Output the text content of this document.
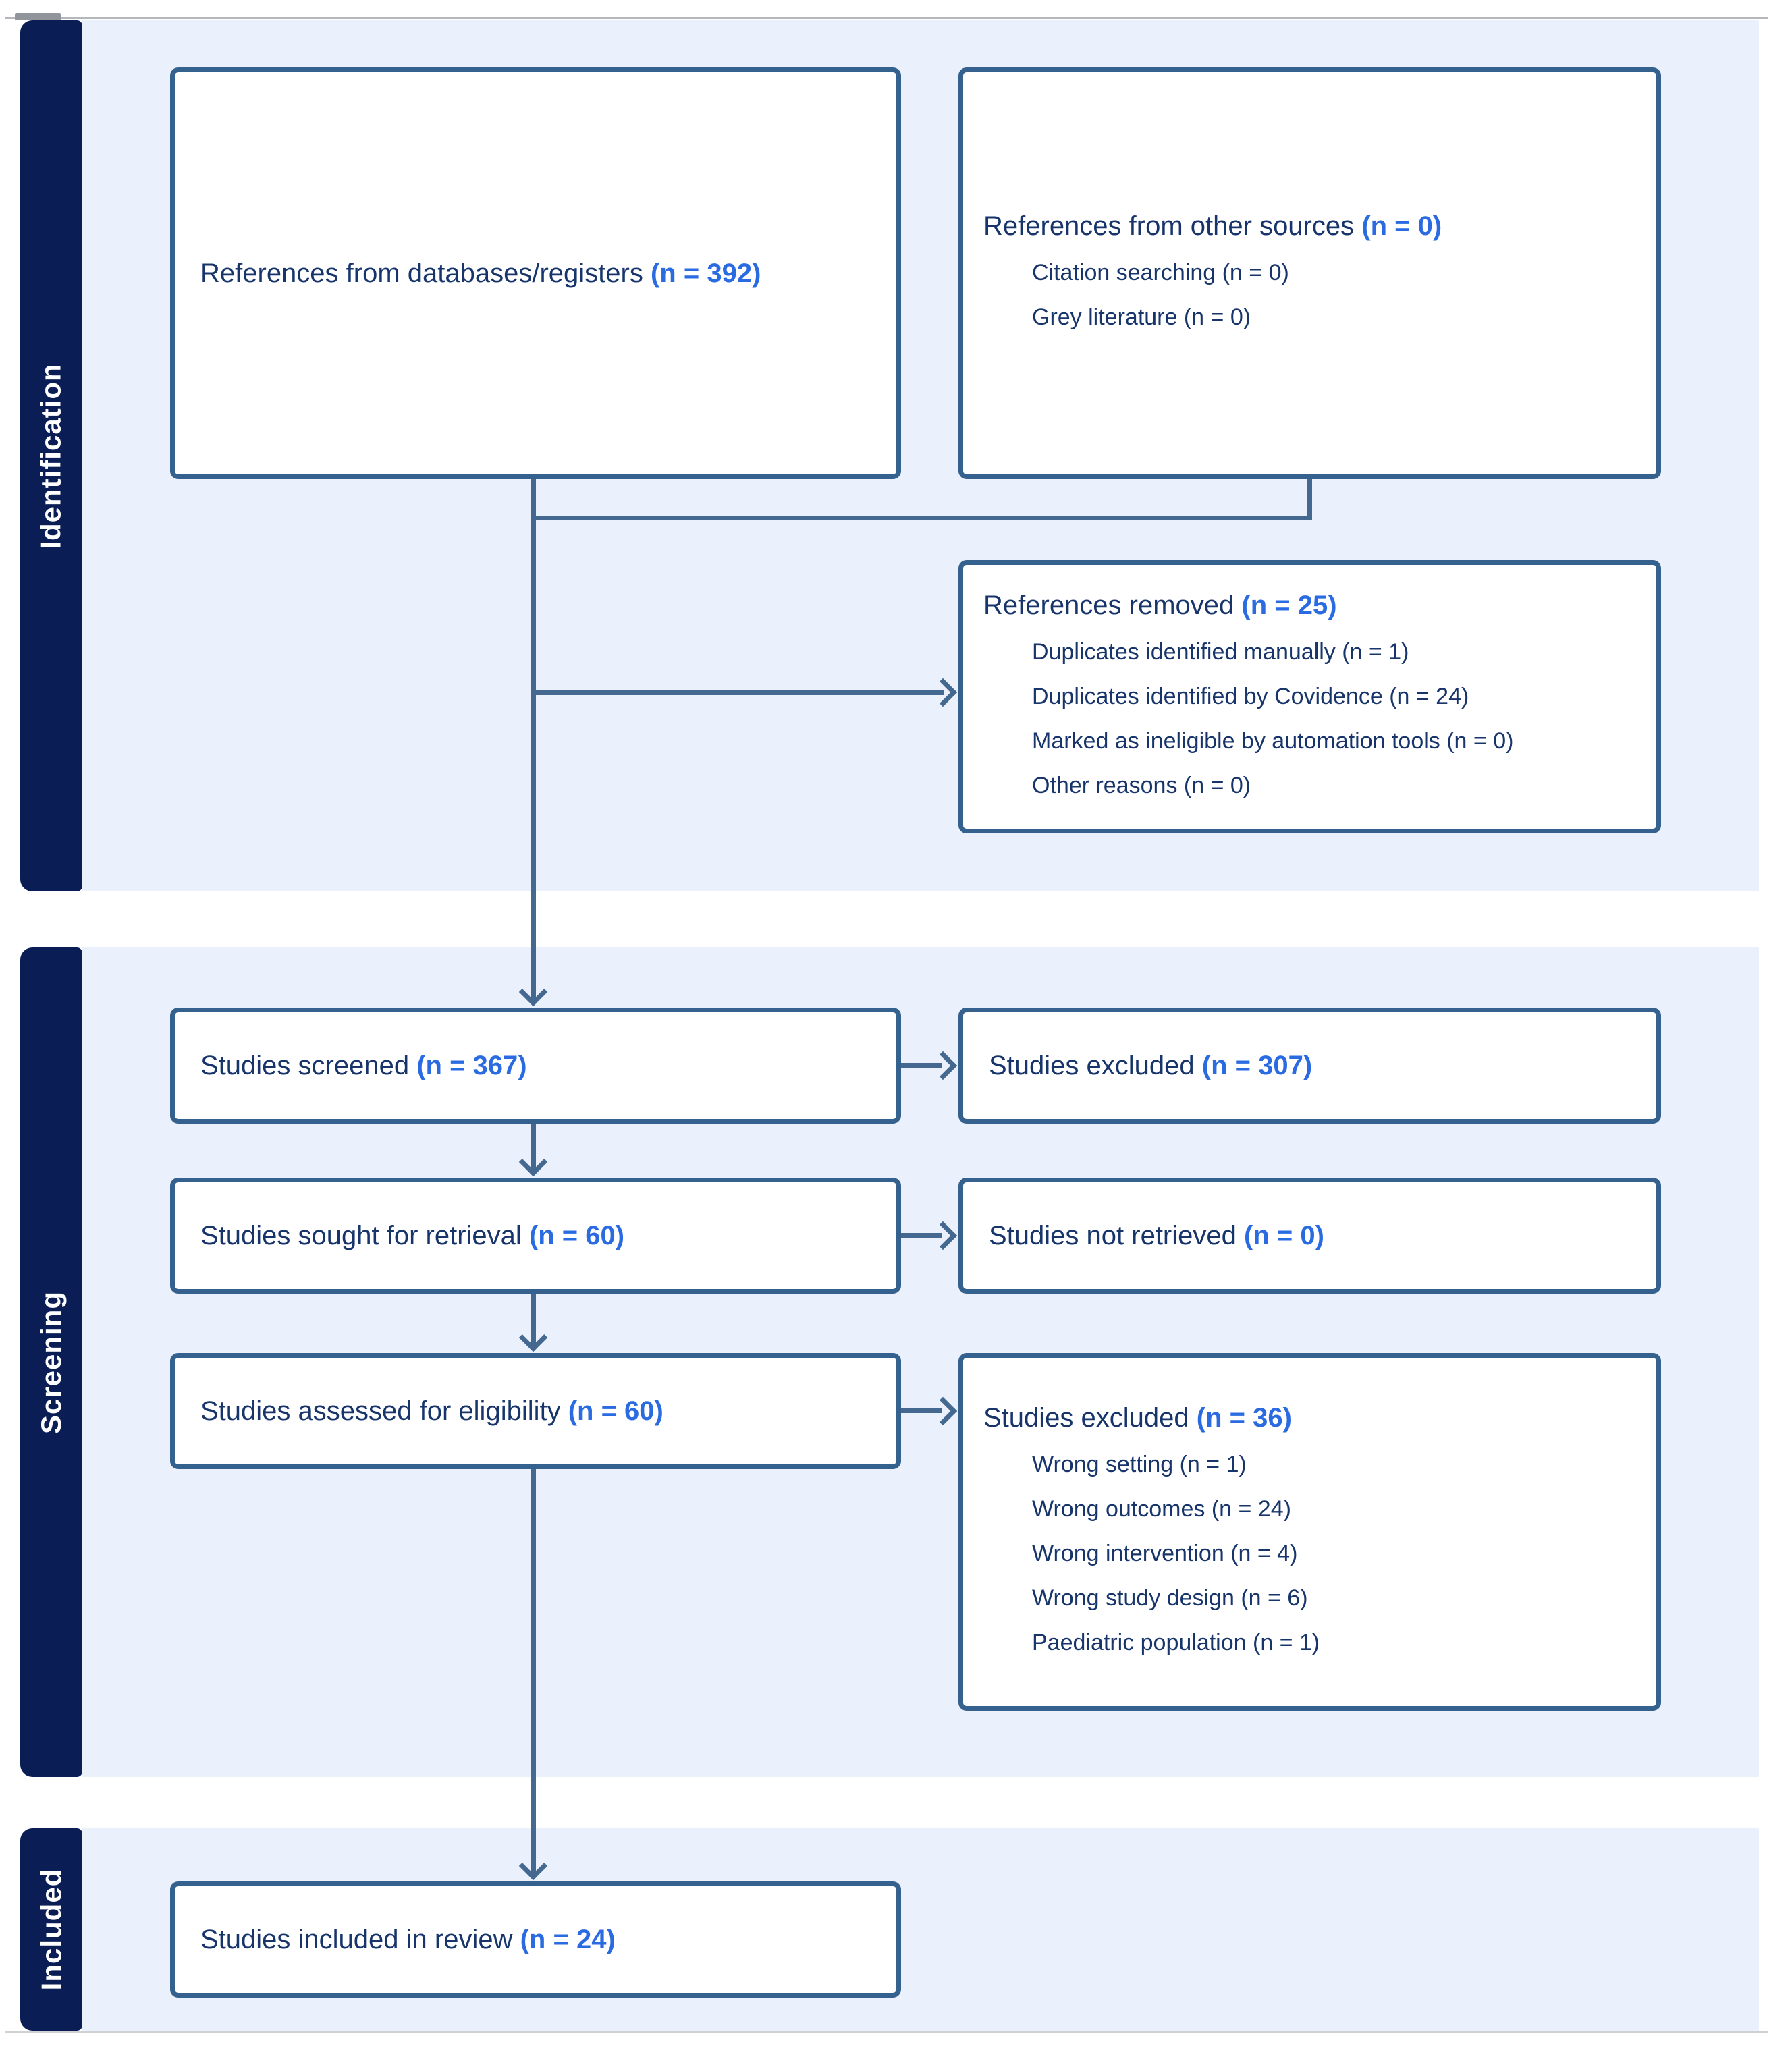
Identification
Screening
Included
References from databases/registers (n = 392)
References from other sources (n = 0)
Citation searching (n = 0)
Grey literature (n = 0)
References removed (n = 25)
Duplicates identified manually (n = 1)
Duplicates identified by Covidence (n = 24)
Marked as ineligible by automation tools (n = 0)
Other reasons (n = 0)
Studies screened (n = 367)	Studies excluded (n = 307)
Studies sought for retrieval (n = 60)	Studies not retrieved (n = 0)
Studies assessed for eligibility (n = 60)	Studies excluded (n = 36)
Wrong setting (n = 1)
Wrong outcomes (n = 24)
Wrong intervention (n = 4)
Wrong study design (n = 6)
Paediatric population (n = 1)
Studies included in review (n = 24)
